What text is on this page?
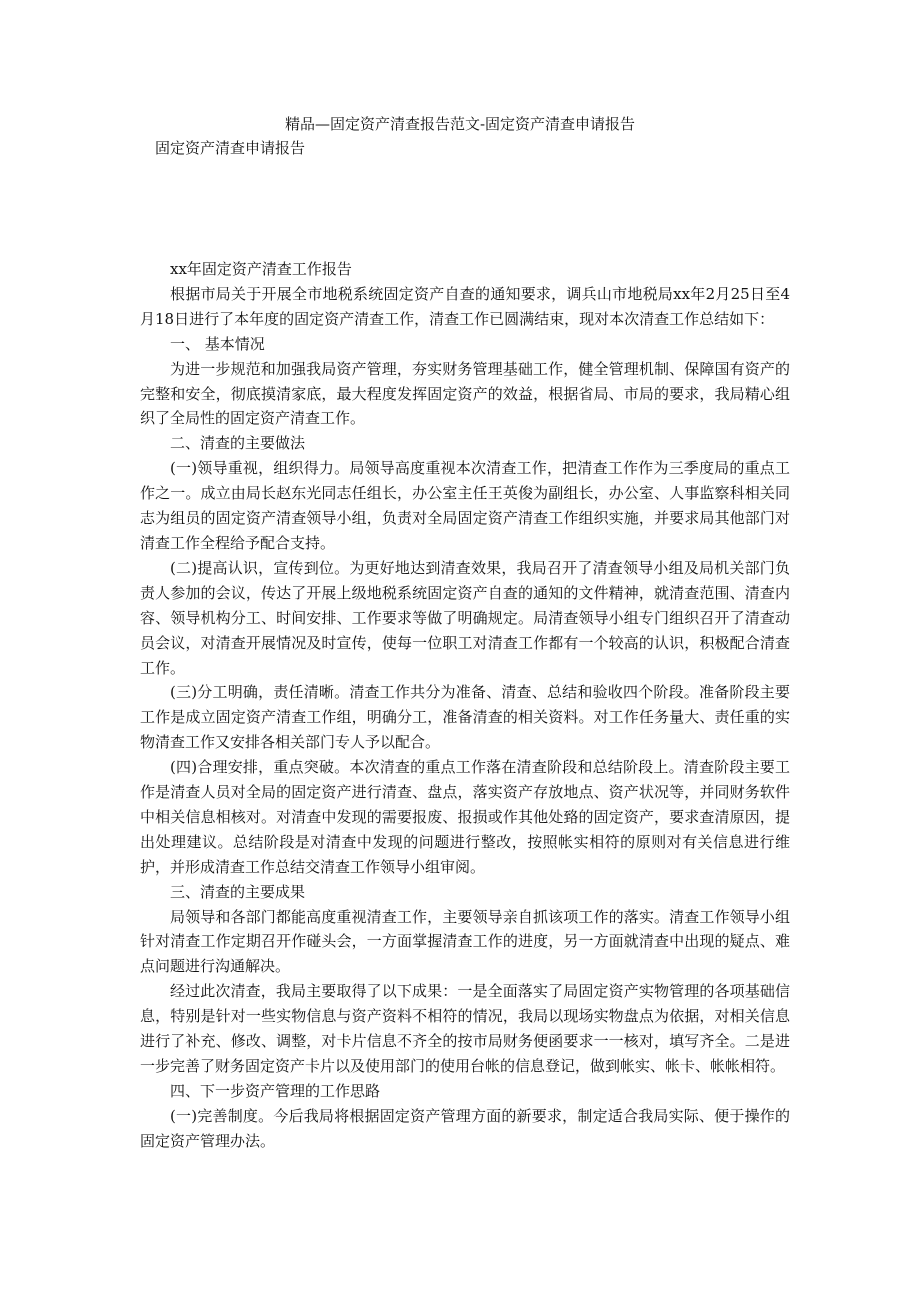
精品—固定资产清查报告范文-固定资产清查申请报告

固定资产清查申请报告

xx年固定资产清查工作报告

根据市局关于开展全市地税系统固定资产自查的通知要求，调兵山市地税局xx年2月25日至4月18日进行了本年度的固定资产清查工作，清查工作已圆满结束，现对本次清查工作总结如下：

一、 基本情况

为进一步规范和加强我局资产管理，夯实财务管理基础工作，健全管理机制、保障国有资产的完整和安全，彻底摸清家底，最大程度发挥固定资产的效益，根据省局、市局的要求，我局精心组织了全局性的固定资产清查工作。

二、清查的主要做法

(一)领导重视，组织得力。局领导高度重视本次清查工作，把清查工作作为三季度局的重点工作之一。成立由局长赵东光同志任组长，办公室主任王英俊为副组长，办公室、人事监察科相关同志为组员的固定资产清查领导小组，负责对全局固定资产清查工作组织实施，并要求局其他部门对清查工作全程给予配合支持。

(二)提高认识，宣传到位。为更好地达到清查效果，我局召开了清查领导小组及局机关部门负责人参加的会议，传达了开展上级地税系统固定资产自查的通知的文件精神，就清查范围、清查内容、领导机构分工、时间安排、工作要求等做了明确规定。局清查领导小组专门组织召开了清查动员会议，对清查开展情况及时宣传，使每一位职工对清查工作都有一个较高的认识，积极配合清查工作。

(三)分工明确，责任清晰。清查工作共分为准备、清查、总结和验收四个阶段。准备阶段主要工作是成立固定资产清查工作组，明确分工，准备清查的相关资料。对工作任务量大、责任重的实物清查工作又安排各相关部门专人予以配合。

(四)合理安排，重点突破。本次清查的重点工作落在清查阶段和总结阶段上。清查阶段主要工作是清查人员对全局的固定资产进行清查、盘点，落实资产存放地点、资产状况等，并同财务软件中相关信息相核对。对清查中发现的需要报废、报损或作其他处臵的固定资产，要求查清原因，提出处理建议。总结阶段是对清查中发现的问题进行整改，按照帐实相符的原则对有关信息进行维护，并形成清查工作总结交清查工作领导小组审阅。

三、清查的主要成果

局领导和各部门都能高度重视清查工作，主要领导亲自抓该项工作的落实。清查工作领导小组针对清查工作定期召开作碰头会，一方面掌握清查工作的进度，另一方面就清查中出现的疑点、难点问题进行沟通解决。

经过此次清查，我局主要取得了以下成果：一是全面落实了局固定资产实物管理的各项基础信息，特别是针对一些实物信息与资产资料不相符的情况，我局以现场实物盘点为依据，对相关信息进行了补充、修改、调整，对卡片信息不齐全的按市局财务便函要求一一核对，填写齐全。二是进一步完善了财务固定资产卡片以及使用部门的使用台帐的信息登记，做到帐实、帐卡、帐帐相符。

四、下一步资产管理的工作思路

(一)完善制度。今后我局将根据固定资产管理方面的新要求，制定适合我局实际、便于操作的固定资产管理办法。
